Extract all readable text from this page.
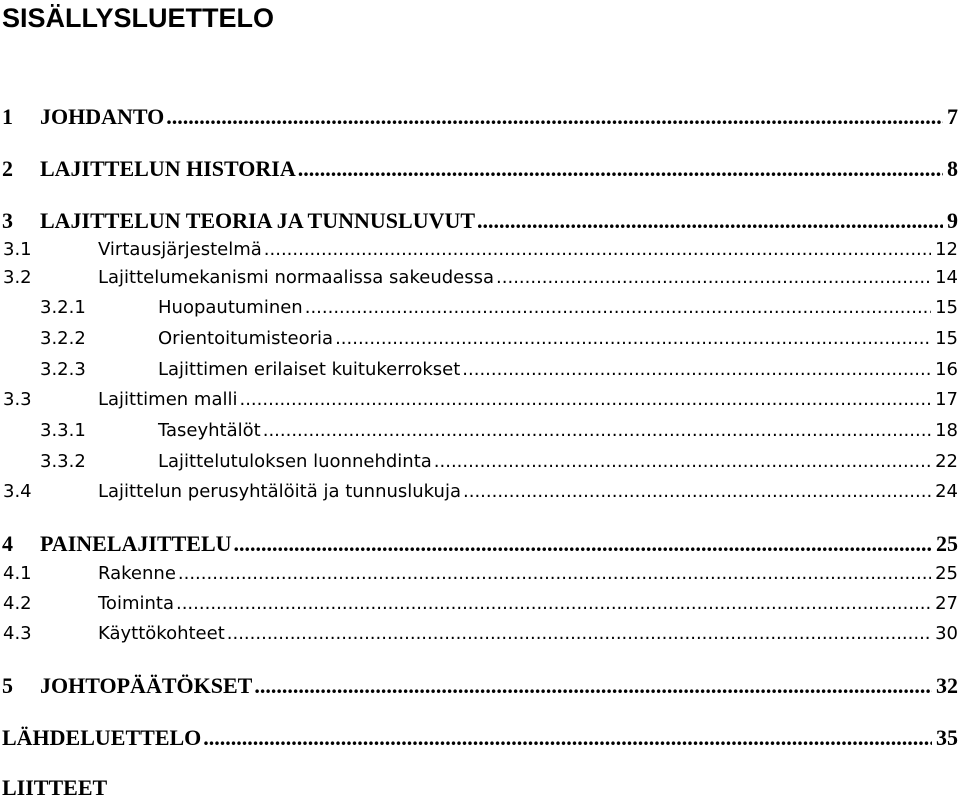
SISÄLLYSLUETTELO
1 JOHDANTO	7
.....
2 LAJITTELUN HISTORIA	8
.....
3 LAJITTELUN TEORIA JA TUNNUSLUVUT	9
.....
3.1	Virtausjärjestelmä	12
.....
3.2	Lajittelumekanismi normaalissa sakeudessa	14
.....
3.2.1	Huopautuminen	15
.....
3.2.2	Orientoitumisteoria	15
.....
3.2.3	Lajittimen erilaiset kuitukerrokset	16
.....
3.3	Lajittimen malli	17
.....
3.3.1	Taseyhtälöt	18
.....
3.3.2	Lajittelutuloksen luonnehdinta	22
.....
3.4	Lajittelun perusyhtälöitä ja tunnuslukuja	24
.....
4 PAINELAJITTELU	25
.....
4.1	Rakenne	25
.....
4.2	Toiminta	27
.....
4.3	Käyttökohteet	30
.....
5 JOHTOPÄÄTÖKSET	32
.....
LÄHDELUETTELO	35
.....
LIITTEET
